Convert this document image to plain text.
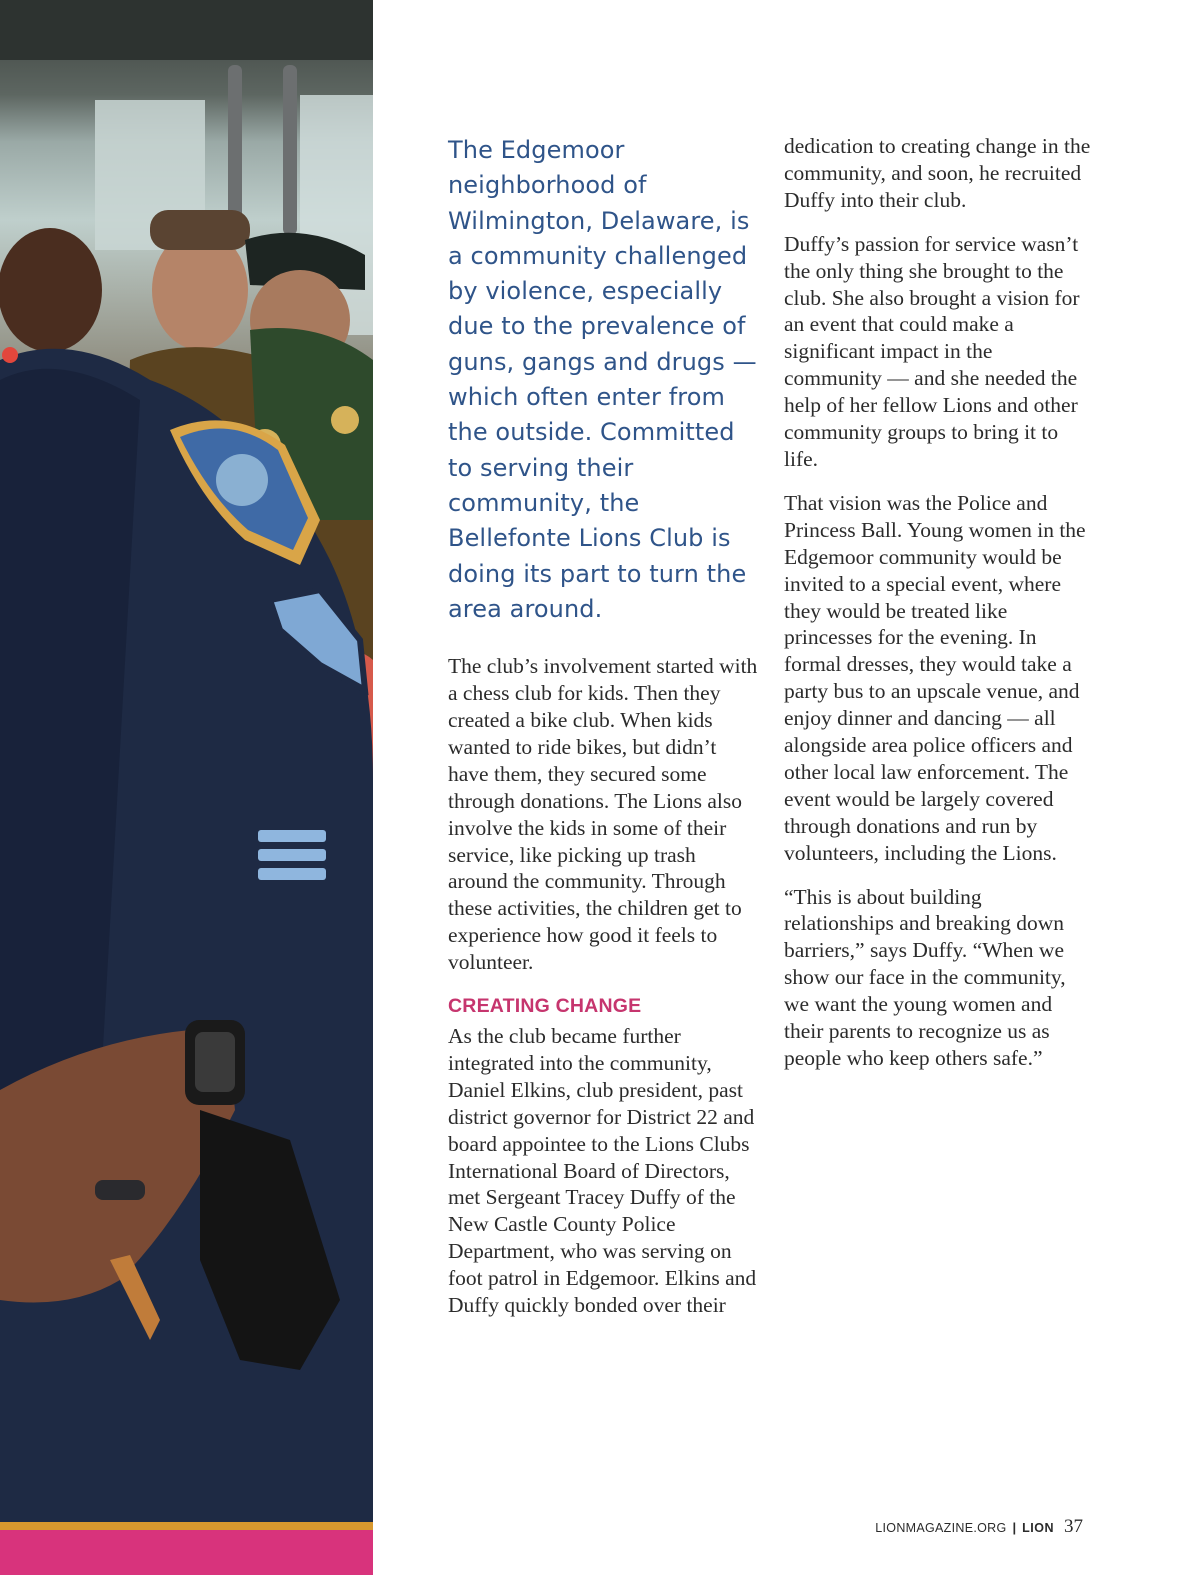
The Edgemoor neighborhood of Wilmington, Delaware, is a community challenged by violence, especially due to the prevalence of guns, gangs and drugs — which often enter from the outside. Committed to serving their community, the Bellefonte Lions Club is doing its part to turn the area around.

The club’s involvement started with a chess club for kids. Then they created a bike club. When kids wanted to ride bikes, but didn’t have them, they secured some through donations. The Lions also involve the kids in some of their service, like picking up trash around the community. Through these activities, the children get to experience how good it feels to volunteer.

CREATING CHANGE

As the club became further integrated into the community, Daniel Elkins, club president, past district governor for District 22 and board appointee to the Lions Clubs International Board of Directors, met Sergeant Tracey Duffy of the New Castle County Police Department, who was serving on foot patrol in Edgemoor. Elkins and Duffy quickly bonded over their

dedication to creating change in the community, and soon, he recruited Duffy into their club.

Duffy’s passion for service wasn’t the only thing she brought to the club. She also brought a vision for an event that could make a significant impact in the community — and she needed the help of her fellow Lions and other community groups to bring it to life.

That vision was the Police and Princess Ball. Young women in the Edgemoor community would be invited to a special event, where they would be treated like princesses for the evening. In formal dresses, they would take a party bus to an upscale venue, and enjoy dinner and dancing — all alongside area police officers and other local law enforcement. The event would be largely covered through donations and run by volunteers, including the Lions.

“This is about building relationships and breaking down barriers,” says Duffy. “When we show our face in the community, we want the young women and their parents to recognize us as people who keep others safe.”

LIONMAGAZINE.ORG | LION 37
